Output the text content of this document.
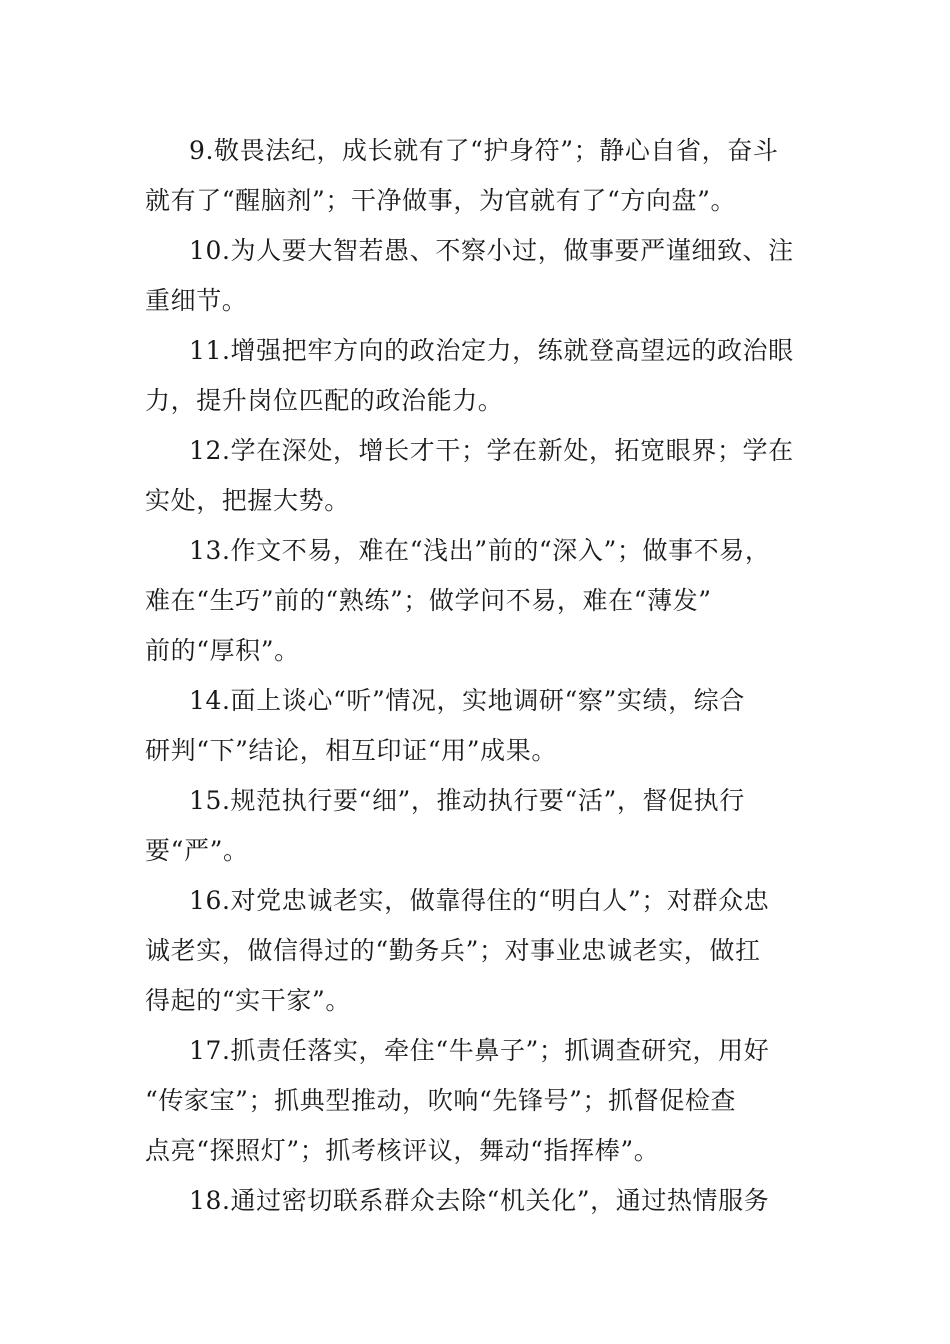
9.敬畏法纪，成长就有了“护身符”；静心自省，奋斗
就有了“醒脑剂”；干净做事，为官就有了“方向盘”。

10.为人要大智若愚、不察小过，做事要严谨细致、注
重细节。

11.增强把牢方向的政治定力，练就登高望远的政治眼
力，提升岗位匹配的政治能力。

12.学在深处，增长才干；学在新处，拓宽眼界；学在
实处，把握大势。

13.作文不易，难在“浅出”前的“深入”；做事不易，
难在“生巧”前的“熟练”；做学问不易，难在“薄发”
前的“厚积”。

14.面上谈心“听”情况，实地调研“察”实绩，综合
研判“下”结论，相互印证“用”成果。

15.规范执行要“细”，推动执行要“活”，督促执行
要“严”。

16.对党忠诚老实，做靠得住的“明白人”；对群众忠
诚老实，做信得过的“勤务兵”；对事业忠诚老实，做扛
得起的“实干家”。

17.抓责任落实，牵住“牛鼻子”；抓调查研究，用好
“传家宝”；抓典型推动，吹响“先锋号”；抓督促检查
点亮“探照灯”；抓考核评议，舞动“指挥棒”。

18.通过密切联系群众去除“机关化”，通过热情服务
